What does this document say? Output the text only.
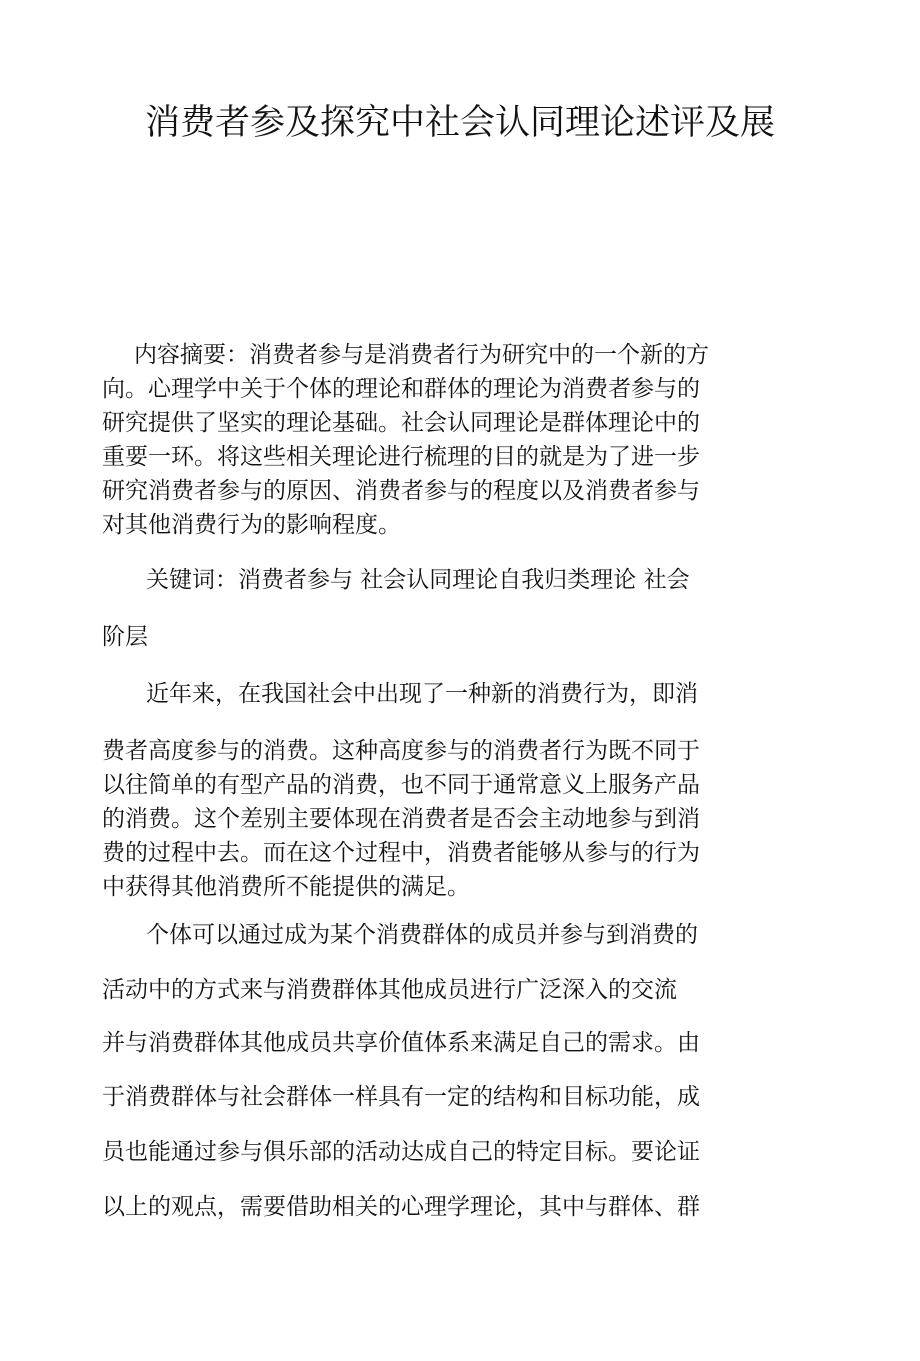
消费者参及探究中社会认同理论述评及展

内容摘要：消费者参与是消费者行为研究中的一个新的方

向。心理学中关于个体的理论和群体的理论为消费者参与的

研究提供了坚实的理论基础。社会认同理论是群体理论中的

重要一环。将这些相关理论进行梳理的目的就是为了进一步

研究消费者参与的原因、消费者参与的程度以及消费者参与

对其他消费行为的影响程度。

关键词：消费者参与 社会认同理论自我归类理论 社会

阶层

近年来，在我国社会中出现了一种新的消费行为，即消

费者高度参与的消费。这种高度参与的消费者行为既不同于

以往简单的有型产品的消费，也不同于通常意义上服务产品

的消费。这个差别主要体现在消费者是否会主动地参与到消

费的过程中去。而在这个过程中，消费者能够从参与的行为

中获得其他消费所不能提供的满足。

个体可以通过成为某个消费群体的成员并参与到消费的

活动中的方式来与消费群体其他成员进行广泛深入的交流

并与消费群体其他成员共享价值体系来满足自己的需求。由

于消费群体与社会群体一样具有一定的结构和目标功能，成

员也能通过参与俱乐部的活动达成自己的特定目标。要论证

以上的观点，需要借助相关的心理学理论，其中与群体、群
